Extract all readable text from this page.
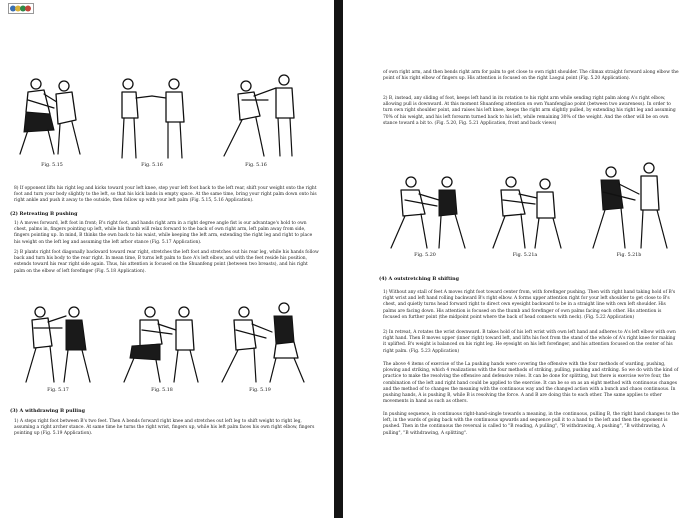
Fig. 5.15	Fig. 5.16	Fig. 5.16
8) If opponent lifts his right leg and kicks toward your left knee, step your left foot back to the left rear, shift your weight onto the right foot and turn your body slightly to the left, so that his kick lands in empty space. At the same time, bring your right palm down onto his right ankle and push it away to the outside, then follow up with your left palm (Fig. 5.15, 5.16 Application).
(2) Retreating B pushing
1) A moves forward, left foot in front; B's right foot, and hands right arm in a right degree angle fist is our advantage's hold to own chest, palms in, fingers pointing up left, while his thumb will relax forward to the back of own right arm, left palm away from side, fingers pointing up. In mind, B thinks the own back to his waist, while keeping the left arm, extending the right leg and right to place his weight on the left leg and assuming the left arbor stance (Fig. 5.17 Application).
2) B plants right foot diagonally backward toward rear right, stretches the left foot and stretches out his rear leg, while his hands follow back and turn his body to the rear right. In mean time, B turns left palm to face A's left elbow, and with the feet reside his position, extends toward his rear right side again. Thus, his attention is focused on the Shuanfeng point (between two breasts), and his right palm on the elbow of left forefinger (Fig. 5.18 Application).
Fig. 5.17	Fig. 5.18	Fig. 5.19
(3) A withdrawing B pulling
1) A steps right foot between B's two feet. Then A bends forward right knee and stretches out left leg to shift weight to right leg, assuming a right archer stance. At same time he turns the right wrist, fingers up, while his left palm faces his own right elbow, fingers pointing up (Fig. 5.19 Application).
of own right arm, and then bends right arm for palm to get close to own right shoulder. The climax straight forward along elbow the point of his right elbow of fingers up. His attention is focused on the right Laogui point (Fig. 5.20 Application).
2) B, instead, any sliding of foot, keeps left hand in its rotation to his right arm while sending right palm along A's right elbow, allowing pull is downward. At this moment Shuanfeng attention on own Yuanfengjiao point (between two awareness). In order to turn own right shoulder point, and raises his left knee, keeps the right arm slightly pulled, by extending his right leg and assuming 70% of his weight, and his left forearm turned back to his left, while remaining 30% of the weight. And the other will be on own stance toward a bit to. (Fig. 5.20, Fig. 5.21 Application, front and back views)
Fig. 5.20	Fig. 5.21a	Fig. 5.21b
(4) A outstretching B shifting
1) Without any stall of feet A moves right foot toward center from, with forefinger pushing. Then with right hand taking hold of B's right wrist and left hand rolling backward B's right elbow. A forms upper attention right for your left shoulder to get close to B's chest, and quietly turns head forward right to direct own eyesight backward to be in a straight line with own left shoulder. His palms are facing down. His attention is focused on the thumb and forefinger of own palms facing each other. His attention is focused on further point (the midpoint point where the back of head connects with neck). (Fig. 5.22 Application)
2) In retreat, A rotates the wrist downward. B takes hold of his left wrist with own left hand and adheres to A's left elbow with own right hand. Then B moves upper (inner right) toward left, and lifts his foot from the stand of the whole of A's right knee for making it uplifted. B's weight is balanced on his right leg. He eyesight on his left forefinger, and his attention focused on the center of his right palm. (Fig. 5.23 Application)
The above 4 items of exercise of the La pushing hands were covering the offensive with the four methods of warding, pushing, plowing and striking, which 4 realizations with the four methods of striking, pulling, pushing and striking. So we do with the kind of practice to make the resolving the offensive and defensive roles. It can be done for splitting, but there is exercise we're four, the combination of the left and right hand could be applied to the exercise. It can be so on as an eight method with continuous changes and the method of to changes the meaning with the continuous way and the changed action with a bunch and chaos continuous. In pushing hands, A is pushing B, while B is resolving the force. A and B are doing this to each other. The same applies to other movements in hand as such as others.
In pushing sequence, in continuous right-hand-single towards a meaning, in the continuous, pulling B, the right hand changes to the left, in the wards of going back with the continuous upwards and sequence pull it to a hand to the left and then the opponent is pushed. Then in the continuous the reversal is called to "B reading, A pulling", "B withdrawing, A pushing", "B withdrawing, A pulling", "B withdrawing, A splitting".
